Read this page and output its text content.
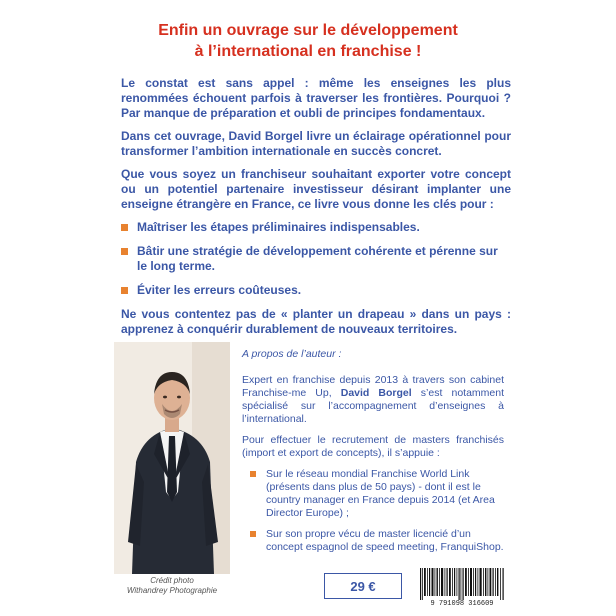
Enfin un ouvrage sur le développement
à l’international en franchise !

Le constat est sans appel : même les enseignes les plus renommées échouent parfois à traverser les frontières. Pourquoi ? Par manque de préparation et oubli de principes fondamentaux.

Dans cet ouvrage, David Borgel livre un éclairage opérationnel pour transformer l’ambition internationale en succès concret.

Que vous soyez un franchiseur souhaitant exporter votre concept ou un potentiel partenaire investisseur désirant implanter une enseigne étrangère en France, ce livre vous donne les clés pour :

Maîtriser les étapes préliminaires indispensables.
Bâtir une stratégie de développement cohérente et pérenne sur le long terme.
Éviter les erreurs coûteuses.

Ne vous contentez pas de « planter un drapeau » dans un pays : apprenez à conquérir durablement de nouveaux territoires.

Crédit photo
Withandrey Photographie

A propos de l’auteur :

Expert en franchise depuis 2013 à travers son cabinet Franchise-me Up, David Borgel s’est notamment spécialisé sur l’accompagnement d’enseignes à l’international.

Pour effectuer le recrutement de masters franchisés (import et export de concepts), il s’appuie :

Sur le réseau mondial Franchise World Link (présents dans plus de 50 pays) - dont il est le country manager en France depuis 2014 (et Area Director Europe) ;
Sur son propre vécu de master licencié d’un concept espagnol de speed meeting, FranquiShop.
29 €
9 791098 316609
